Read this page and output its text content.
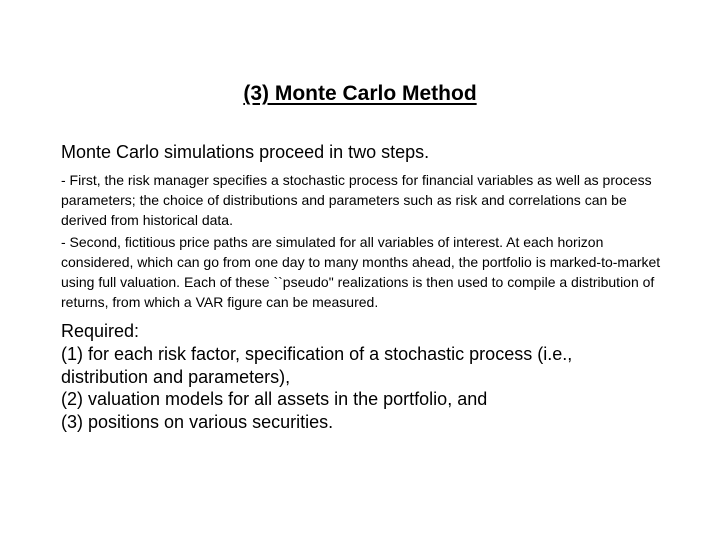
(3) Monte Carlo Method
Monte Carlo simulations proceed in two steps.
- First, the risk manager specifies a stochastic process for financial variables as well as process parameters; the choice of distributions and parameters such as risk and correlations can be derived from historical data.
- Second, fictitious price paths are simulated for all variables of interest. At each horizon considered, which can go from one day to many months ahead, the portfolio is marked-to-market using full valuation. Each of these ``pseudo" realizations is then used to compile a distribution of returns, from which a VAR figure can be measured.
Required:
(1) for each risk factor, specification of a stochastic process (i.e.,
distribution and parameters),
(2) valuation models for all assets in the portfolio, and
(3) positions on various securities.
